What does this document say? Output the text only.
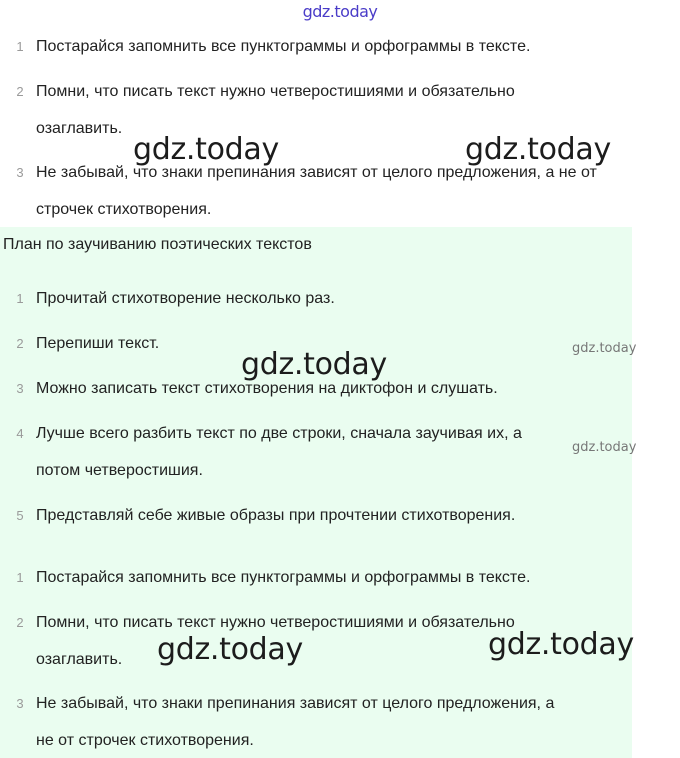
gdz.today
1 Постарайся запомнить все пунктограммы и орфограммы в тексте.
2 Помни, что писать текст нужно четверостишиями и обязательно
озаглавить.
3 Не забывай, что знаки препинания зависят от целого предложения, а не от
строчек стихотворения.
План по заучиванию поэтических текстов
1 Прочитай стихотворение несколько раз.
2 Перепиши текст.
3 Можно записать текст стихотворения на диктофон и слушать.
4 Лучше всего разбить текст по две строки, сначала заучивая их, а
потом четверостишия.
5 Представляй себе живые образы при прочтении стихотворения.
1 Постарайся запомнить все пунктограммы и орфограммы в тексте.
2 Помни, что писать текст нужно четверостишиями и обязательно
озаглавить.
3 Не забывай, что знаки препинания зависят от целого предложения, а
не от строчек стихотворения.
gdz.today	gdz.today
gdz.today
gdz.today	gdz.today
gdz.today
gdz.today
